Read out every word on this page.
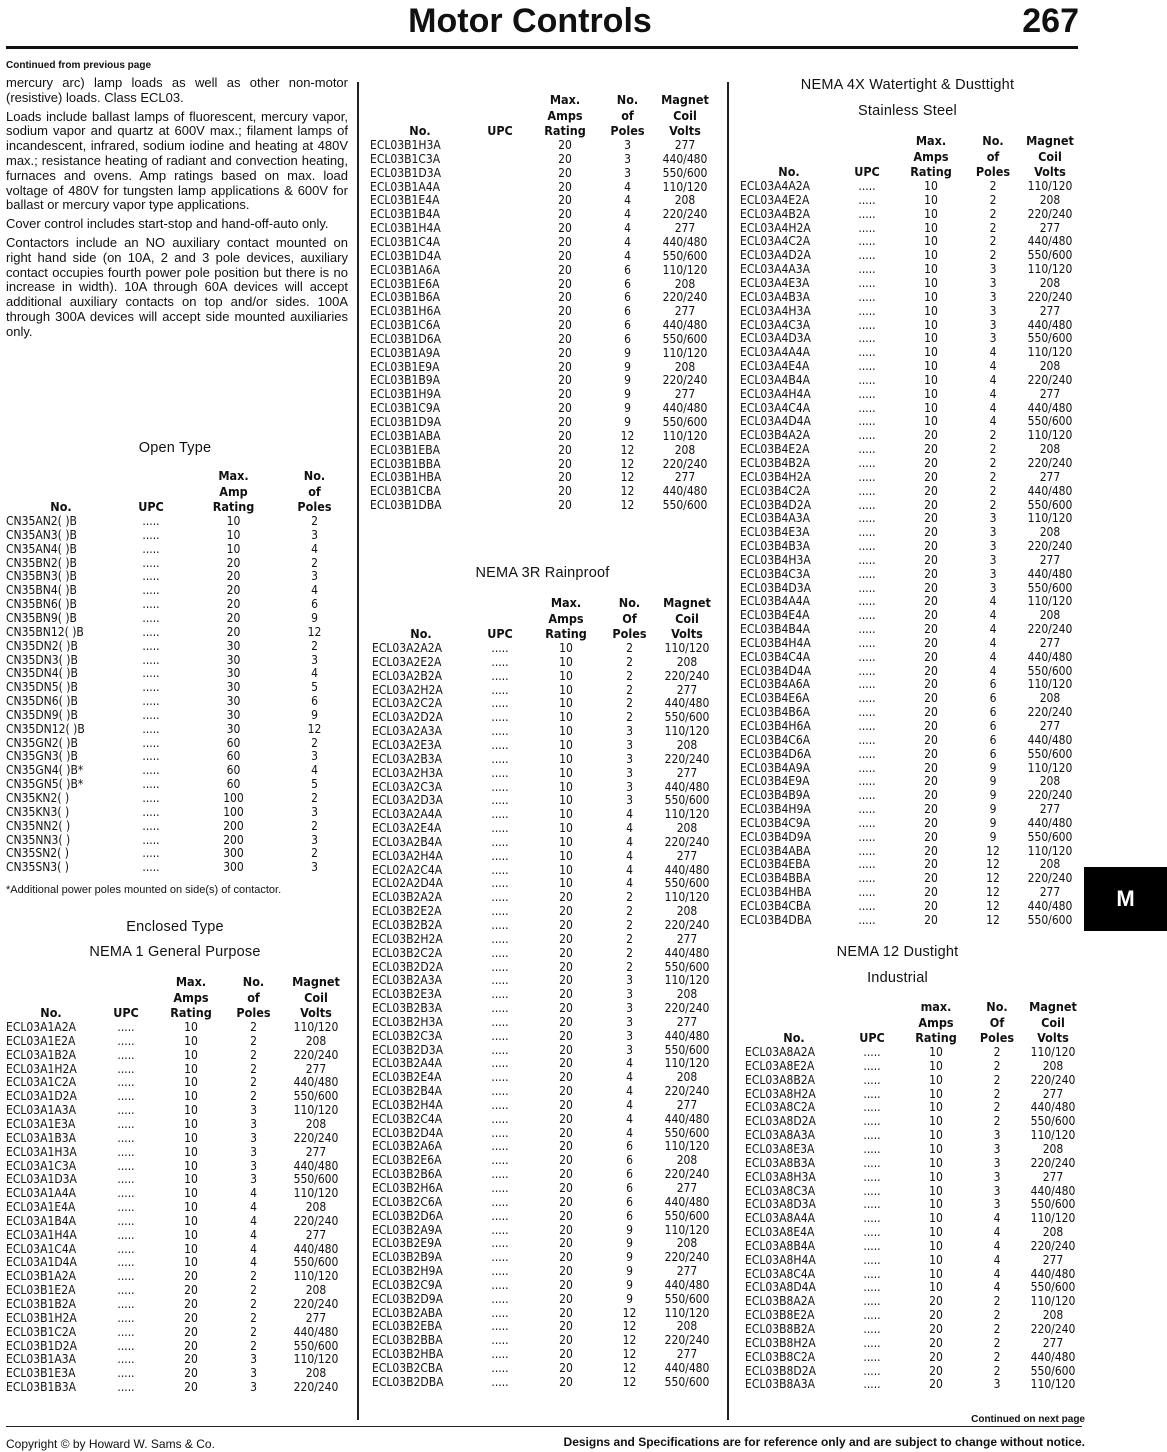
Motor Controls	267
Continued from previous page

mercury arc) lamp loads as well as other non-motor (resistive) loads. Class ECL03.

Loads include ballast lamps of fluorescent, mercury vapor, sodium vapor and quartz at 600V max.; filament lamps of incandescent, infrared, sodium iodine and heating at 480V max.; resistance heating of radiant and convection heating, furnaces and ovens. Amp ratings based on max. load voltage of 480V for tungsten lamp applications & 600V for ballast or mercury vapor type applications.

Cover control includes start-stop and hand-off-auto only.

Contactors include an NO auxiliary contact mounted on right hand side (on 10A, 2 and 3 pole devices, auxiliary contact occupies fourth power pole position but there is no increase in width). 10A through 60A devices will accept additional auxiliary contacts on top and/or sides. 100A through 300A devices will accept side mounted auxiliaries only.

Open Type
No.	UPC	Max.
Amp
Rating	No.
of
Poles
CN35AN2( )B	.....	10	2
CN35AN3( )B	.....	10	3
CN35AN4( )B	.....	10	4
CN35BN2( )B	.....	20	2
CN35BN3( )B	.....	20	3
CN35BN4( )B	.....	20	4
CN35BN6( )B	.....	20	6
CN35BN9( )B	.....	20	9
CN35BN12( )B	.....	20	12
CN35DN2( )B	.....	30	2
CN35DN3( )B	.....	30	3
CN35DN4( )B	.....	30	4
CN35DN5( )B	.....	30	5
CN35DN6( )B	.....	30	6
CN35DN9( )B	.....	30	9
CN35DN12( )B	.....	30	12
CN35GN2( )B	.....	60	2
CN35GN3( )B	.....	60	3
CN35GN4( )B*	.....	60	4
CN35GN5( )B*	.....	60	5
CN35KN2( )	.....	100	2
CN35KN3( )	.....	100	3
CN35NN2( )	.....	200	2
CN35NN3( )	.....	200	3
CN35SN2( )	.....	300	2
CN35SN3( )	.....	300	3
*Additional power poles mounted on side(s) of contactor.
Enclosed Type
NEMA 1 General Purpose
No.	UPC	Max.
Amps
Rating	No.
of
Poles	Magnet
Coil
Volts
ECL03A1A2A	.....	10	2	110/120
ECL03A1E2A	.....	10	2	208
ECL03A1B2A	.....	10	2	220/240
ECL03A1H2A	.....	10	2	277
ECL03A1C2A	.....	10	2	440/480
ECL03A1D2A	.....	10	2	550/600
ECL03A1A3A	.....	10	3	110/120
ECL03A1E3A	.....	10	3	208
ECL03A1B3A	.....	10	3	220/240
ECL03A1H3A	.....	10	3	277
ECL03A1C3A	.....	10	3	440/480
ECL03A1D3A	.....	10	3	550/600
ECL03A1A4A	.....	10	4	110/120
ECL03A1E4A	.....	10	4	208
ECL03A1B4A	.....	10	4	220/240
ECL03A1H4A	.....	10	4	277
ECL03A1C4A	.....	10	4	440/480
ECL03A1D4A	.....	10	4	550/600
ECL03B1A2A	.....	20	2	110/120
ECL03B1E2A	.....	20	2	208
ECL03B1B2A	.....	20	2	220/240
ECL03B1H2A	.....	20	2	277
ECL03B1C2A	.....	20	2	440/480
ECL03B1D2A	.....	20	2	550/600
ECL03B1A3A	.....	20	3	110/120
ECL03B1E3A	.....	20	3	208
ECL03B1B3A	.....	20	3	220/240
No.	UPC	Max.
Amps
Rating	No.
of
Poles	Magnet
Coil
Volts
ECL03B1H3A		20	3	277
ECL03B1C3A		20	3	440/480
ECL03B1D3A		20	3	550/600
ECL03B1A4A		20	4	110/120
ECL03B1E4A		20	4	208
ECL03B1B4A		20	4	220/240
ECL03B1H4A		20	4	277
ECL03B1C4A		20	4	440/480
ECL03B1D4A		20	4	550/600
ECL03B1A6A		20	6	110/120
ECL03B1E6A		20	6	208
ECL03B1B6A		20	6	220/240
ECL03B1H6A		20	6	277
ECL03B1C6A		20	6	440/480
ECL03B1D6A		20	6	550/600
ECL03B1A9A		20	9	110/120
ECL03B1E9A		20	9	208
ECL03B1B9A		20	9	220/240
ECL03B1H9A		20	9	277
ECL03B1C9A		20	9	440/480
ECL03B1D9A		20	9	550/600
ECL03B1ABA		20	12	110/120
ECL03B1EBA		20	12	208
ECL03B1BBA		20	12	220/240
ECL03B1HBA		20	12	277
ECL03B1CBA		20	12	440/480
ECL03B1DBA		20	12	550/600
NEMA 3R Rainproof
No.	UPC	Max.
Amps
Rating	No.
Of
Poles	Magnet
Coil
Volts
ECL03A2A2A	.....	10	2	110/120
ECL03A2E2A	.....	10	2	208
ECL03A2B2A	.....	10	2	220/240
ECL03A2H2A	.....	10	2	277
ECL03A2C2A	.....	10	2	440/480
ECL03A2D2A	.....	10	2	550/600
ECL03A2A3A	.....	10	3	110/120
ECL03A2E3A	.....	10	3	208
ECL03A2B3A	.....	10	3	220/240
ECL03A2H3A	.....	10	3	277
ECL03A2C3A	.....	10	3	440/480
ECL03A2D3A	.....	10	3	550/600
ECL03A2A4A	.....	10	4	110/120
ECL03A2E4A	.....	10	4	208
ECL03A2B4A	.....	10	4	220/240
ECL03A2H4A	.....	10	4	277
ECL02A2C4A	.....	10	4	440/480
ECL02A2D4A	.....	10	4	550/600
ECL03B2A2A	.....	20	2	110/120
ECL03B2E2A	.....	20	2	208
ECL03B2B2A	.....	20	2	220/240
ECL03B2H2A	.....	20	2	277
ECL03B2C2A	.....	20	2	440/480
ECL03B2D2A	.....	20	2	550/600
ECL03B2A3A	.....	20	3	110/120
ECL03B2E3A	.....	20	3	208
ECL03B2B3A	.....	20	3	220/240
ECL03B2H3A	.....	20	3	277
ECL03B2C3A	.....	20	3	440/480
ECL03B2D3A	.....	20	3	550/600
ECL03B2A4A	.....	20	4	110/120
ECL03B2E4A	.....	20	4	208
ECL03B2B4A	.....	20	4	220/240
ECL03B2H4A	.....	20	4	277
ECL03B2C4A	.....	20	4	440/480
ECL03B2D4A	.....	20	4	550/600
ECL03B2A6A	.....	20	6	110/120
ECL03B2E6A	.....	20	6	208
ECL03B2B6A	.....	20	6	220/240
ECL03B2H6A	.....	20	6	277
ECL03B2C6A	.....	20	6	440/480
ECL03B2D6A	.....	20	6	550/600
ECL03B2A9A	.....	20	9	110/120
ECL03B2E9A	.....	20	9	208
ECL03B2B9A	.....	20	9	220/240
ECL03B2H9A	.....	20	9	277
ECL03B2C9A	.....	20	9	440/480
ECL03B2D9A	.....	20	9	550/600
ECL03B2ABA	.....	20	12	110/120
ECL03B2EBA	.....	20	12	208
ECL03B2BBA	.....	20	12	220/240
ECL03B2HBA	.....	20	12	277
ECL03B2CBA	.....	20	12	440/480
ECL03B2DBA	.....	20	12	550/600
NEMA 4X Watertight & Dusttight
Stainless Steel
No.	UPC	Max.
Amps
Rating	No.
of
Poles	Magnet
Coil
Volts
ECL03A4A2A	.....	10	2	110/120
ECL03A4E2A	.....	10	2	208
ECL03A4B2A	.....	10	2	220/240
ECL03A4H2A	.....	10	2	277
ECL03A4C2A	.....	10	2	440/480
ECL03A4D2A	.....	10	2	550/600
ECL03A4A3A	.....	10	3	110/120
ECL03A4E3A	.....	10	3	208
ECL03A4B3A	.....	10	3	220/240
ECL03A4H3A	.....	10	3	277
ECL03A4C3A	.....	10	3	440/480
ECL03A4D3A	.....	10	3	550/600
ECL03A4A4A	.....	10	4	110/120
ECL03A4E4A	.....	10	4	208
ECL03A4B4A	.....	10	4	220/240
ECL03A4H4A	.....	10	4	277
ECL03A4C4A	.....	10	4	440/480
ECL03A4D4A	.....	10	4	550/600
ECL03B4A2A	.....	20	2	110/120
ECL03B4E2A	.....	20	2	208
ECL03B4B2A	.....	20	2	220/240
ECL03B4H2A	.....	20	2	277
ECL03B4C2A	.....	20	2	440/480
ECL03B4D2A	.....	20	2	550/600
ECL03B4A3A	.....	20	3	110/120
ECL03B4E3A	.....	20	3	208
ECL03B4B3A	.....	20	3	220/240
ECL03B4H3A	.....	20	3	277
ECL03B4C3A	.....	20	3	440/480
ECL03B4D3A	.....	20	3	550/600
ECL03B4A4A	.....	20	4	110/120
ECL03B4E4A	.....	20	4	208
ECL03B4B4A	.....	20	4	220/240
ECL03B4H4A	.....	20	4	277
ECL03B4C4A	.....	20	4	440/480
ECL03B4D4A	.....	20	4	550/600
ECL03B4A6A	.....	20	6	110/120
ECL03B4E6A	.....	20	6	208
ECL03B4B6A	.....	20	6	220/240
ECL03B4H6A	.....	20	6	277
ECL03B4C6A	.....	20	6	440/480
ECL03B4D6A	.....	20	6	550/600
ECL03B4A9A	.....	20	9	110/120
ECL03B4E9A	.....	20	9	208
ECL03B4B9A	.....	20	9	220/240
ECL03B4H9A	.....	20	9	277
ECL03B4C9A	.....	20	9	440/480
ECL03B4D9A	.....	20	9	550/600
ECL03B4ABA	.....	20	12	110/120
ECL03B4EBA	.....	20	12	208
ECL03B4BBA	.....	20	12	220/240
ECL03B4HBA	.....	20	12	277
ECL03B4CBA	.....	20	12	440/480
ECL03B4DBA	.....	20	12	550/600
NEMA 12 Dustight
Industrial
No.	UPC	max.
Amps
Rating	No.
Of
Poles	Magnet
Coil
Volts
ECL03A8A2A	.....	10	2	110/120
ECL03A8E2A	.....	10	2	208
ECL03A8B2A	.....	10	2	220/240
ECL03A8H2A	.....	10	2	277
ECL03A8C2A	.....	10	2	440/480
ECL03A8D2A	.....	10	2	550/600
ECL03A8A3A	.....	10	3	110/120
ECL03A8E3A	.....	10	3	208
ECL03A8B3A	.....	10	3	220/240
ECL03A8H3A	.....	10	3	277
ECL03A8C3A	.....	10	3	440/480
ECL03A8D3A	.....	10	3	550/600
ECL03A8A4A	.....	10	4	110/120
ECL03A8E4A	.....	10	4	208
ECL03A8B4A	.....	10	4	220/240
ECL03A8H4A	.....	10	4	277
ECL03A8C4A	.....	10	4	440/480
ECL03A8D4A	.....	10	4	550/600
ECL03B8A2A	.....	20	2	110/120
ECL03B8E2A	.....	20	2	208
ECL03B8B2A	.....	20	2	220/240
ECL03B8H2A	.....	20	2	277
ECL03B8C2A	.....	20	2	440/480
ECL03B8D2A	.....	20	2	550/600
ECL03B8A3A	.....	20	3	110/120
M
Continued on next page
Copyright © by Howard W. Sams & Co.	Designs and Specifications are for reference only and are subject to change without notice.
